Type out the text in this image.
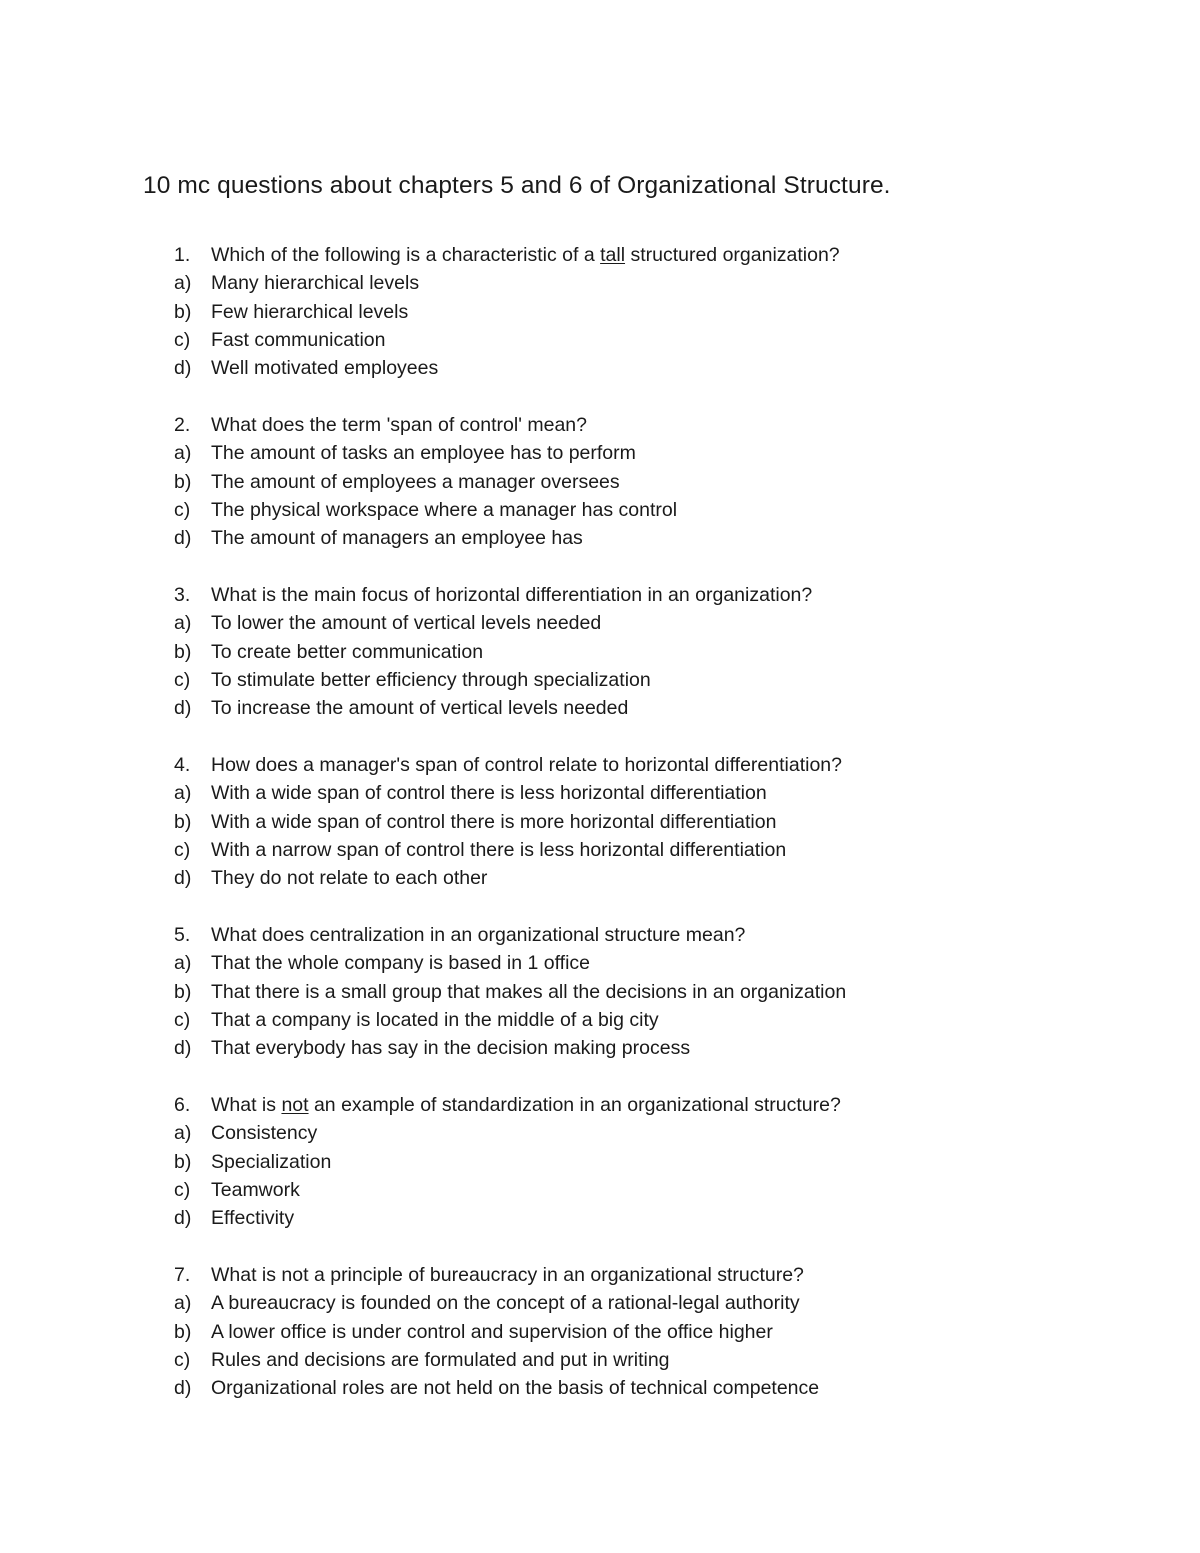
10 mc questions about chapters 5 and 6 of Organizational Structure.
1.	Which of the following is a characteristic of a tall structured organization?
a)	Many hierarchical levels
b)	Few hierarchical levels
c)	Fast communication
d)	Well motivated employees
2.	What does the term 'span of control' mean?
a)	The amount of tasks an employee has to perform
b)	The amount of employees a manager oversees
c)	The physical workspace where a manager has control
d)	The amount of managers an employee has
3.	What is the main focus of horizontal differentiation in an organization?
a)	To lower the amount of vertical levels needed
b)	To create better communication
c)	To stimulate better efficiency through specialization
d)	To increase the amount of vertical levels needed
4.	How does a manager's span of control relate to horizontal differentiation?
a)	With a wide span of control there is less horizontal differentiation
b)	With a wide span of control there is more horizontal differentiation
c)	With a narrow span of control there is less horizontal differentiation
d)	They do not relate to each other
5.	What does centralization in an organizational structure mean?
a)	That the whole company is based in 1 office
b)	That there is a small group that makes all the decisions in an organization
c)	That a company is located in the middle of a big city
d)	That everybody has say in the decision making process
6.	What is not an example of standardization in an organizational structure?
a)	Consistency
b)	Specialization
c)	Teamwork
d)	Effectivity
7.	What is not a principle of bureaucracy in an organizational structure?
a)	A bureaucracy is founded on the concept of a rational-legal authority
b)	A lower office is under control and supervision of the office higher
c)	Rules and decisions are formulated and put in writing
d)	Organizational roles are not held on the basis of technical competence
